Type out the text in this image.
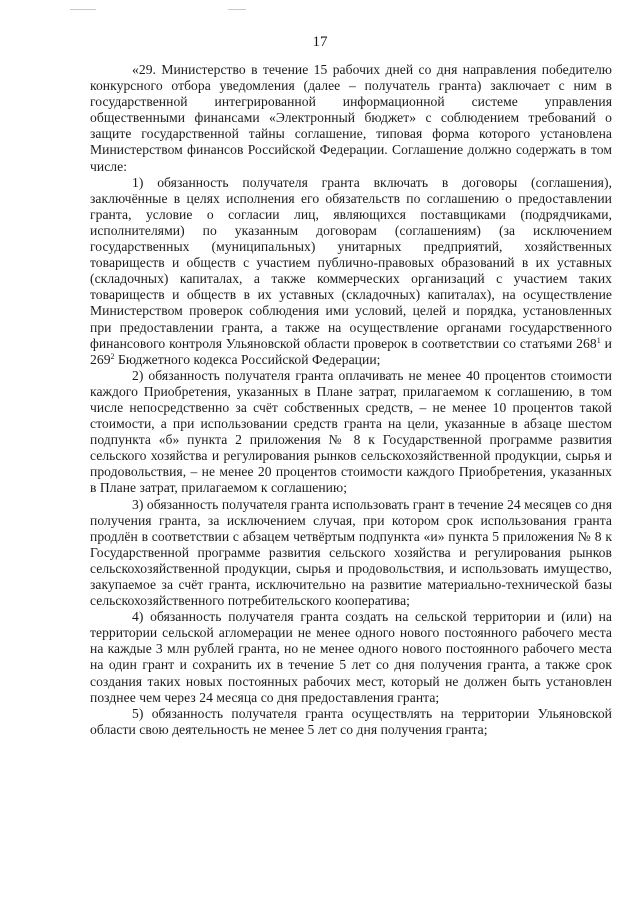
17

«29. Министерство в течение 15 рабочих дней со дня направления победителю конкурсного отбора уведомления (далее – получатель гранта) заключает с ним в государственной интегрированной информационной системе управления общественными финансами «Электронный бюджет» с соблюдением требований о защите государственной тайны соглашение, типовая форма которого установлена Министерством финансов Российской Федерации. Соглашение должно содержать в том числе:

1) обязанность получателя гранта включать в договоры (соглашения), заключённые в целях исполнения его обязательств по соглашению о предоставлении гранта, условие о согласии лиц, являющихся поставщиками (подрядчиками, исполнителями) по указанным договорам (соглашениям) (за исключением государственных (муниципальных) унитарных предприятий, хозяйственных товариществ и обществ с участием публично-правовых образований в их уставных (складочных) капиталах, а также коммерческих организаций с участием таких товариществ и обществ в их уставных (складочных) капиталах), на осуществление Министерством проверок соблюдения ими условий, целей и порядка, установленных при предоставлении гранта, а также на осуществление органами государственного финансового контроля Ульяновской области проверок в соответствии со статьями $268^1$ и $269^2$ Бюджетного кодекса Российской Федерации;

2) обязанность получателя гранта оплачивать не менее 40 процентов стоимости каждого Приобретения, указанных в Плане затрат, прилагаемом к соглашению, в том числе непосредственно за счёт собственных средств, – не менее 10 процентов такой стоимости, а при использовании средств гранта на цели, указанные в абзаце шестом подпункта «б» пункта 2 приложения № 8 к Государственной программе развития сельского хозяйства и регулирования рынков сельскохозяйственной продукции, сырья и продовольствия, – не менее 20 процентов стоимости каждого Приобретения, указанных в Плане затрат, прилагаемом к соглашению;

3) обязанность получателя гранта использовать грант в течение 24 месяцев со дня получения гранта, за исключением случая, при котором срок использования гранта продлён в соответствии с абзацем четвёртым подпункта «и» пункта 5 приложения № 8 к Государственной программе развития сельского хозяйства и регулирования рынков сельскохозяйственной продукции, сырья и продовольствия, и использовать имущество, закупаемое за счёт гранта, исключительно на развитие материально-технической базы сельскохозяйственного потребительского кооператива;

4) обязанность получателя гранта создать на сельской территории и (или) на территории сельской агломерации не менее одного нового постоянного рабочего места на каждые 3 млн рублей гранта, но не менее одного нового постоянного рабочего места на один грант и сохранить их в течение 5 лет со дня получения гранта, а также срок создания таких новых постоянных рабочих мест, который не должен быть установлен позднее чем через 24 месяца со дня предоставления гранта;

5) обязанность получателя гранта осуществлять на территории Ульяновской области свою деятельность не менее 5 лет со дня получения гранта;
